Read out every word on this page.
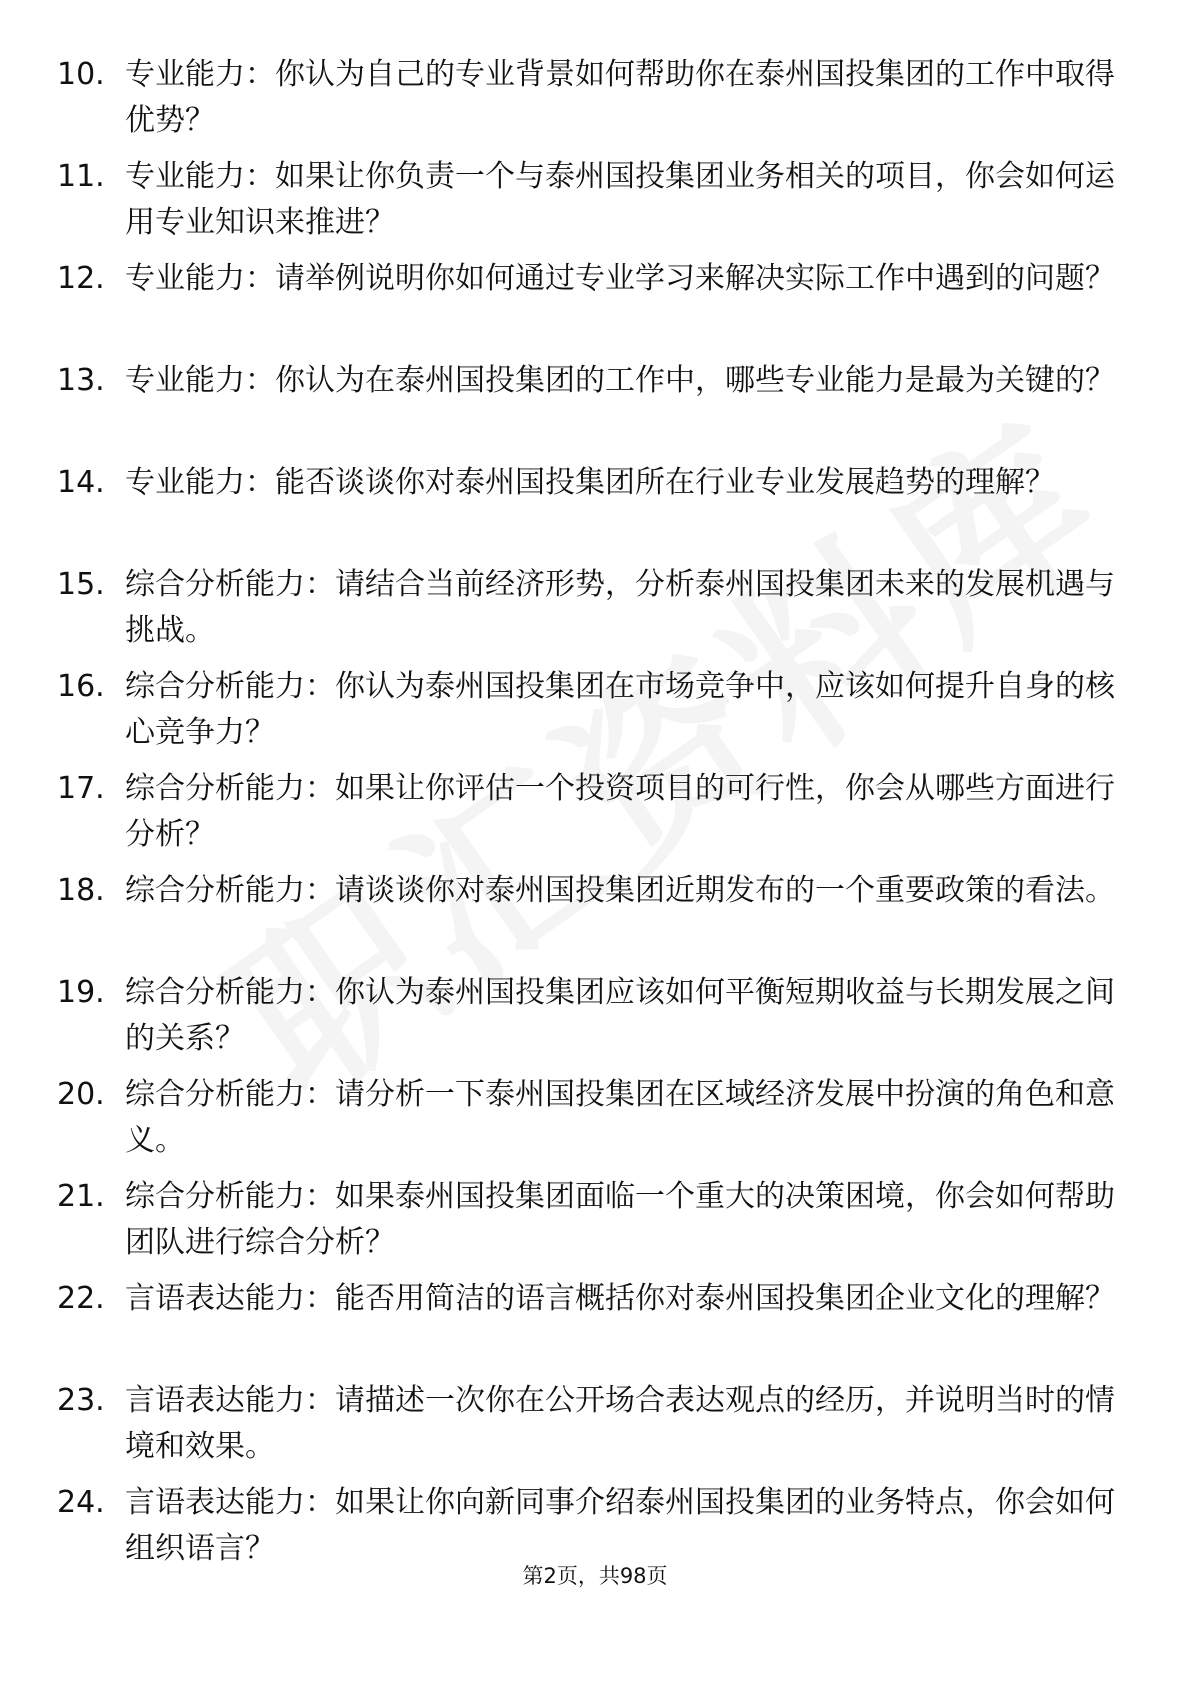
10. 专业能力：你认为自己的专业背景如何帮助你在泰州国投集团的工作中取得优势？
11. 专业能力：如果让你负责一个与泰州国投集团业务相关的项目，你会如何运用专业知识来推进？
12. 专业能力：请举例说明你如何通过专业学习来解决实际工作中遇到的问题？
13. 专业能力：你认为在泰州国投集团的工作中，哪些专业能力是最为关键的？
14. 专业能力：能否谈谈你对泰州国投集团所在行业专业发展趋势的理解？
15. 综合分析能力：请结合当前经济形势，分析泰州国投集团未来的发展机遇与挑战。
16. 综合分析能力：你认为泰州国投集团在市场竞争中，应该如何提升自身的核心竞争力？
17. 综合分析能力：如果让你评估一个投资项目的可行性，你会从哪些方面进行分析？
18. 综合分析能力：请谈谈你对泰州国投集团近期发布的一个重要政策的看法。
19. 综合分析能力：你认为泰州国投集团应该如何平衡短期收益与长期发展之间的关系？
20. 综合分析能力：请分析一下泰州国投集团在区域经济发展中扮演的角色和意义。
21. 综合分析能力：如果泰州国投集团面临一个重大的决策困境，你会如何帮助团队进行综合分析？
22. 言语表达能力：能否用简洁的语言概括你对泰州国投集团企业文化的理解？
23. 言语表达能力：请描述一次你在公开场合表达观点的经历，并说明当时的情境和效果。
24. 言语表达能力：如果让你向新同事介绍泰州国投集团的业务特点，你会如何组织语言？
第2页，共98页
